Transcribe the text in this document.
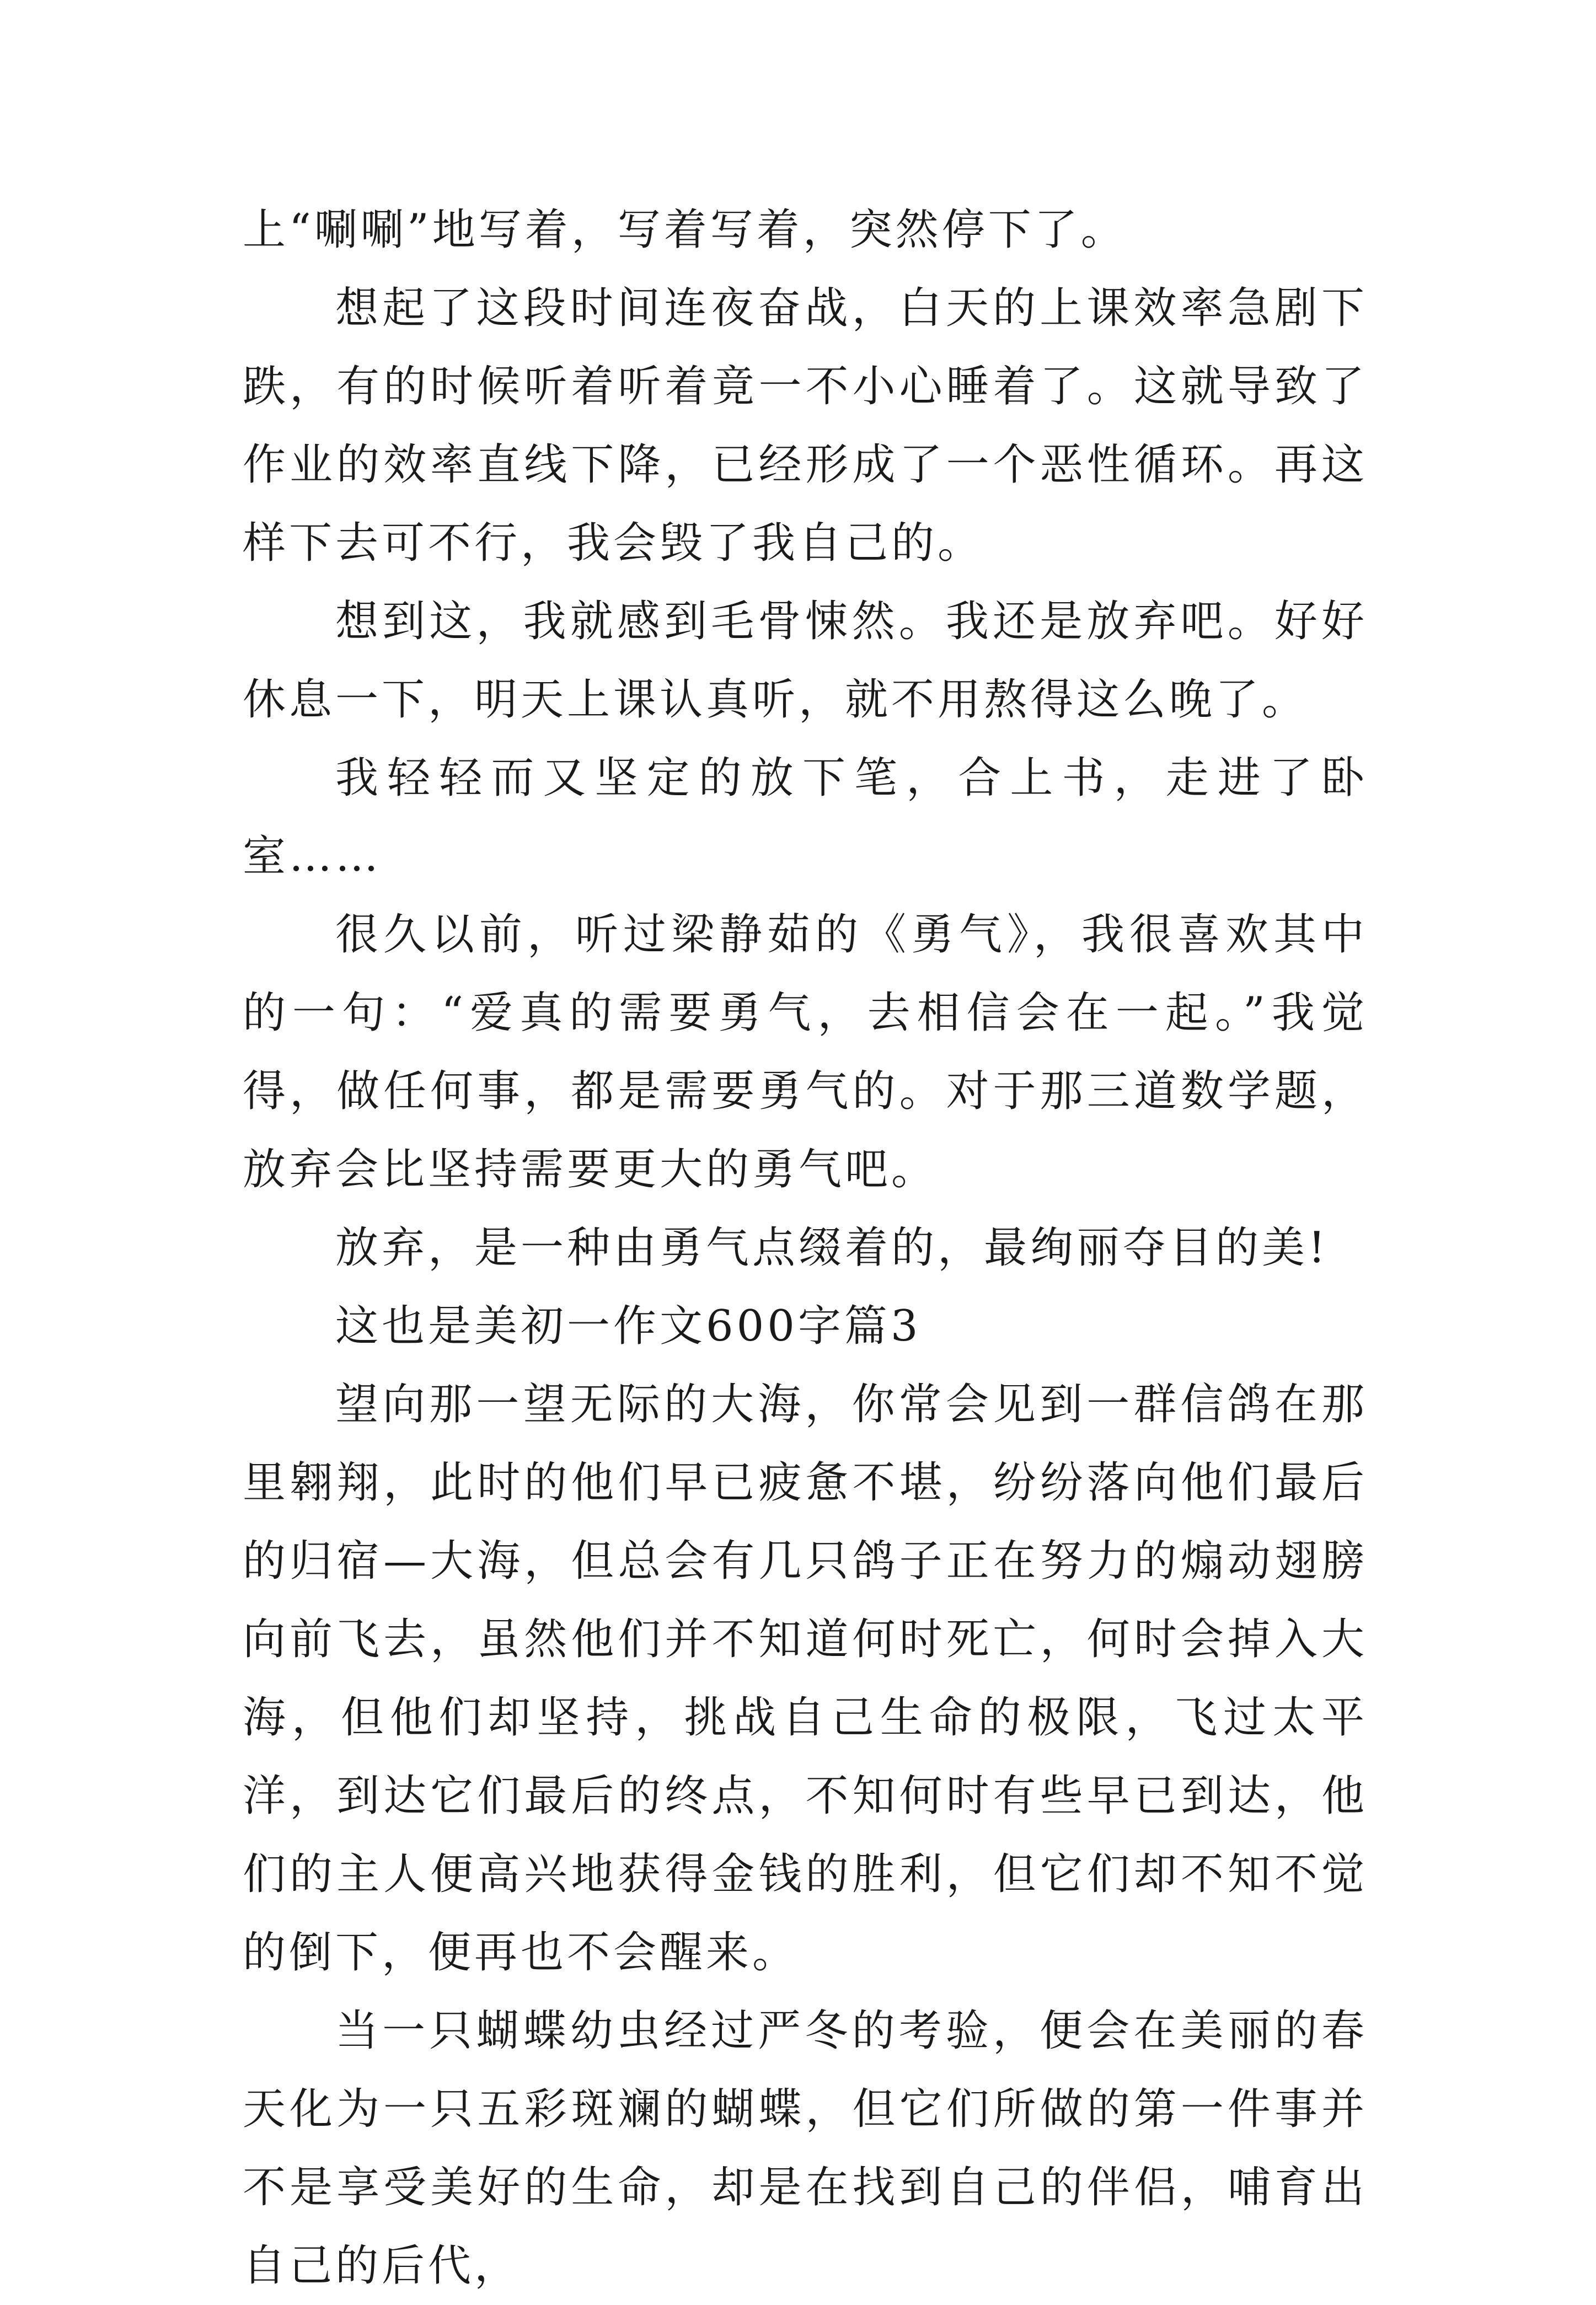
上“唰唰”地写着，写着写着，突然停下了。

想起了这段时间连夜奋战，白天的上课效率急剧下跌，有的时候听着听着竟一不小心睡着了。这就导致了作业的效率直线下降，已经形成了一个恶性循环。再这样下去可不行，我会毁了我自己的。

想到这，我就感到毛骨悚然。我还是放弃吧。好好休息一下，明天上课认真听，就不用熬得这么晚了。

我轻轻而又坚定的放下笔，合上书，走进了卧室……

很久以前，听过梁静茹的《勇气》，我很喜欢其中的一句：“爱真的需要勇气，去相信会在一起。”我觉得，做任何事，都是需要勇气的。对于那三道数学题，放弃会比坚持需要更大的勇气吧。

放弃，是一种由勇气点缀着的，最绚丽夺目的美!

这也是美初一作文600字篇3

望向那一望无际的大海，你常会见到一群信鸽在那里翱翔，此时的他们早已疲惫不堪，纷纷落向他们最后的归宿—大海，但总会有几只鸽子正在努力的煽动翅膀向前飞去，虽然他们并不知道何时死亡，何时会掉入大海，但他们却坚持，挑战自己生命的极限，飞过太平洋，到达它们最后的终点，不知何时有些早已到达，他们的主人便高兴地获得金钱的胜利，但它们却不知不觉的倒下，便再也不会醒来。

当一只蝴蝶幼虫经过严冬的考验，便会在美丽的春天化为一只五彩斑斓的蝴蝶，但它们所做的第一件事并不是享受美好的生命，却是在找到自己的伴侣，哺育出自己的后代，
